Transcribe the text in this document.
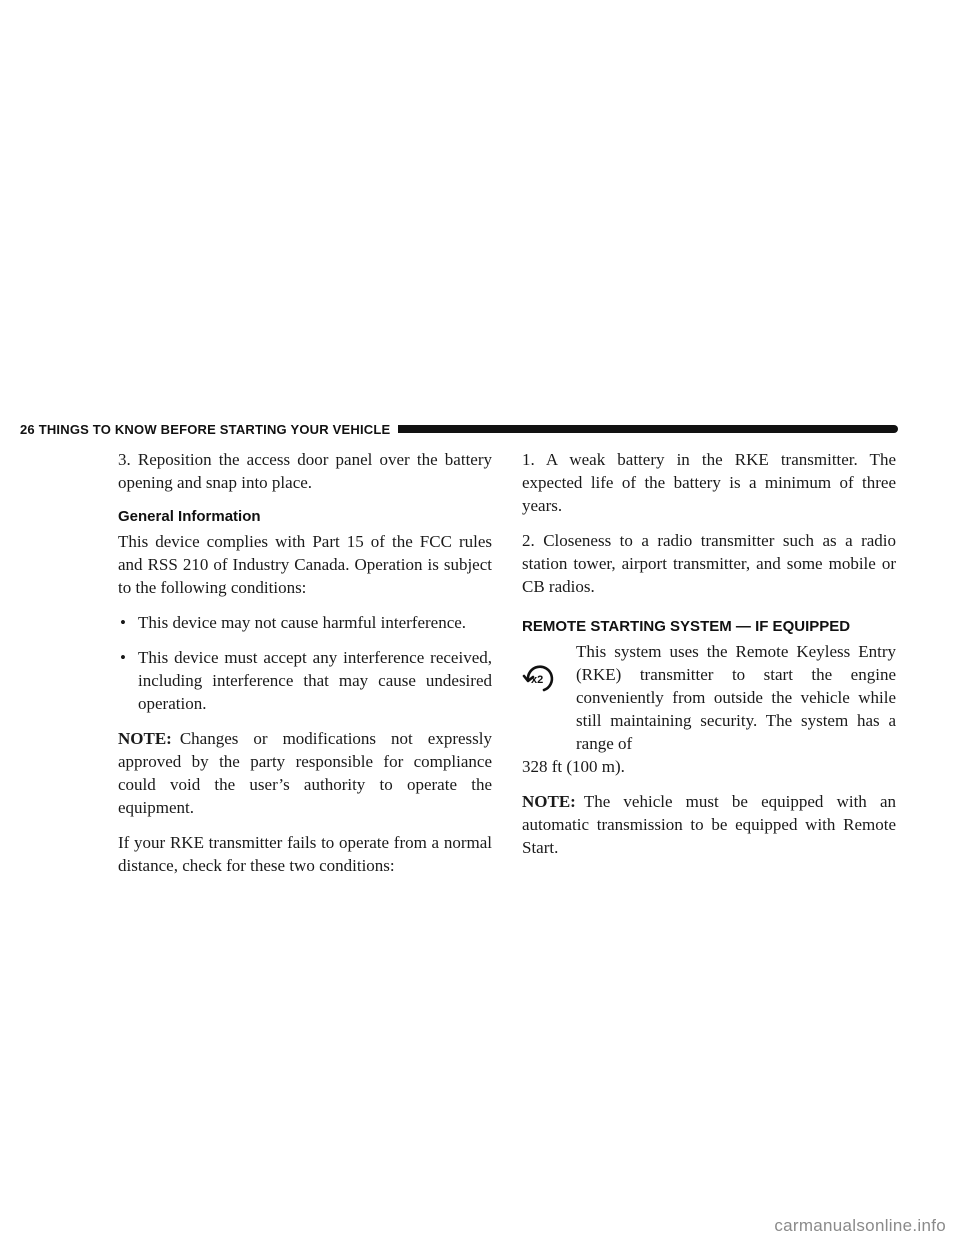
26 THINGS TO KNOW BEFORE STARTING YOUR VEHICLE

3. Reposition the access door panel over the battery opening and snap into place.

General Information

This device complies with Part 15 of the FCC rules and RSS 210 of Industry Canada. Operation is subject to the following conditions:

• This device may not cause harmful interference.
• This device must accept any interference received, including interference that may cause undesired operation.

NOTE: Changes or modifications not expressly approved by the party responsible for compliance could void the user’s authority to operate the equipment.

If your RKE transmitter fails to operate from a normal distance, check for these two conditions:

1. A weak battery in the RKE transmitter. The expected life of the battery is a minimum of three years.

2. Closeness to a radio transmitter such as a radio station tower, airport transmitter, and some mobile or CB radios.

REMOTE STARTING SYSTEM — IF EQUIPPED
x2
This system uses the Remote Keyless Entry (RKE) transmitter to start the engine conveniently from outside the vehicle while still maintaining security. The system has a range of

328 ft (100 m).

NOTE: The vehicle must be equipped with an automatic transmission to be equipped with Remote Start.

carmanualsonline.info
